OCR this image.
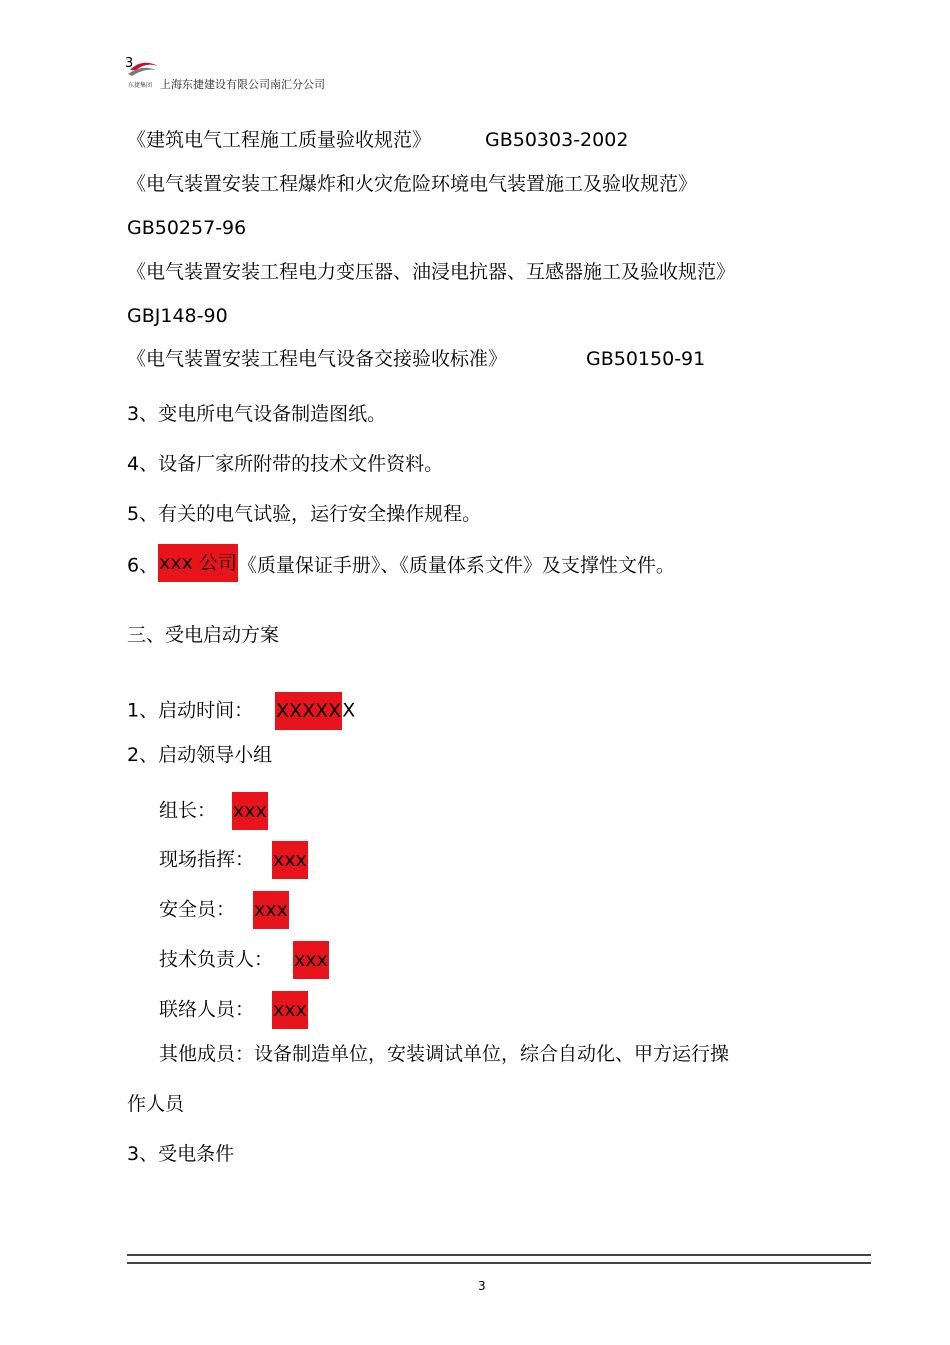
3
东捷集团 上海东捷建设有限公司南汇分公司
《建筑电气工程施工质量验收规范》	GB50303-2002
《电气装置安装工程爆炸和火灾危险环境电气装置施工及验收规范》
GB50257-96
《电气装置安装工程电力变压器、油浸电抗器、互感器施工及验收规范》
GBJ148-90
《电气装置安装工程电气设备交接验收标准》	GB50150-91
3、变电所电气设备制造图纸。
4、设备厂家所附带的技术文件资料。
5、有关的电气试验，运行安全操作规程。
6、xxx 公司《质量保证手册》、《质量体系文件》及支撑性文件。
三、受电启动方案
1、启动时间： XXXXXX
2、启动领导小组
组长： xxx
现场指挥： xxx
安全员： xxx
技术负责人： xxx
联络人员： xxx
其他成员：设备制造单位，安装调试单位，综合自动化、甲方运行操
作人员
3、受电条件
3
